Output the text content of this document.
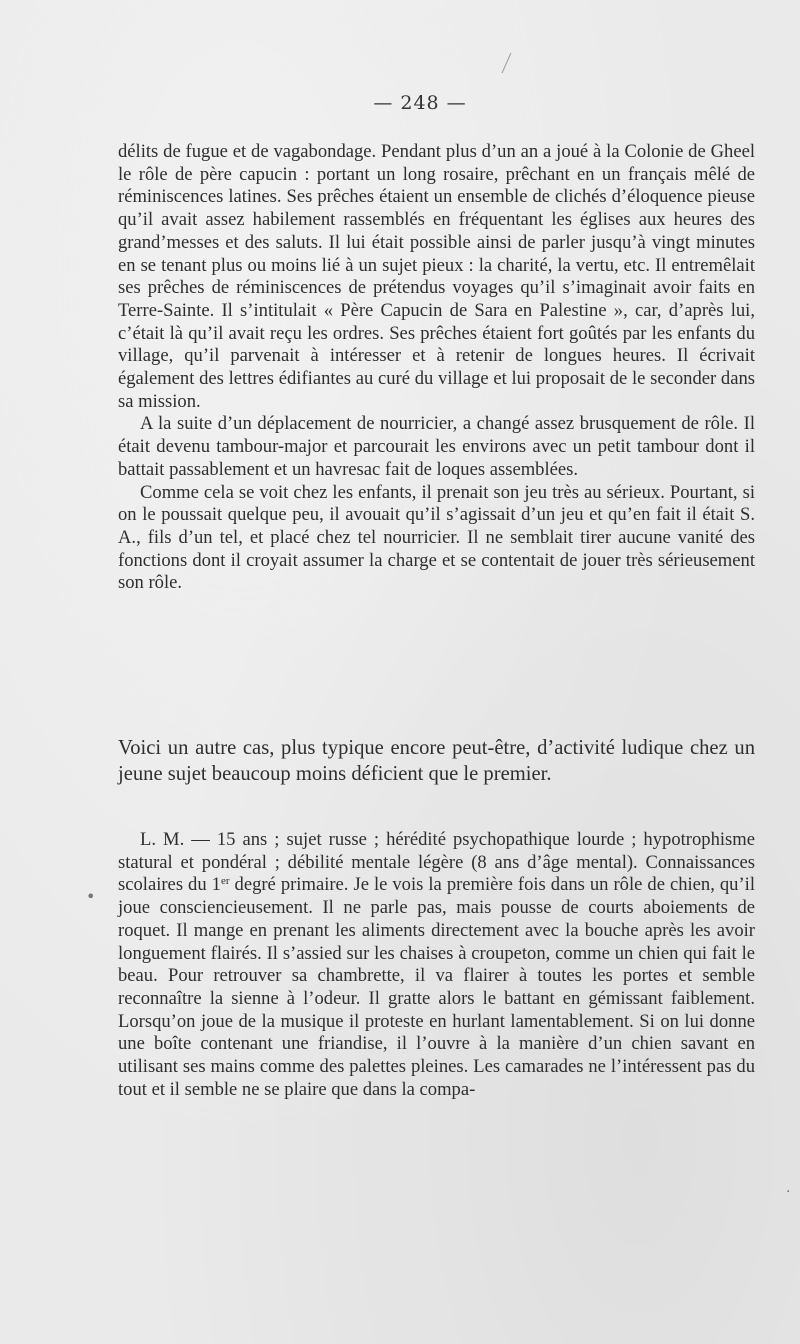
— 248 —

délits de fugue et de vagabondage. Pendant plus d’un an a joué à la Colonie de Gheel le rôle de père capucin : portant un long rosaire, prêchant en un français mêlé de réminiscences latines. Ses prêches étaient un ensemble de clichés d’éloquence pieuse qu’il avait assez habilement rassemblés en fréquentant les églises aux heures des grand’messes et des saluts. Il lui était possible ainsi de parler jusqu’à vingt minutes en se tenant plus ou moins lié à un sujet pieux : la charité, la vertu, etc. Il entremêlait ses prêches de réminiscences de prétendus voyages qu’il s’imaginait avoir faits en Terre-Sainte. Il s’intitulait « Père Capucin de Sara en Palestine », car, d’après lui, c’était là qu’il avait reçu les ordres. Ses prêches étaient fort goûtés par les enfants du village, qu’il parvenait à intéresser et à retenir de longues heures. Il écrivait également des lettres édifiantes au curé du village et lui proposait de le seconder dans sa mission.

A la suite d’un déplacement de nourricier, a changé assez brusquement de rôle. Il était devenu tambour-major et parcourait les environs avec un petit tambour dont il battait passablement et un havresac fait de loques assemblées.

Comme cela se voit chez les enfants, il prenait son jeu très au sérieux. Pourtant, si on le poussait quelque peu, il avouait qu’il s’agissait d’un jeu et qu’en fait il était S. A., fils d’un tel, et placé chez tel nourricier. Il ne semblait tirer aucune vanité des fonctions dont il croyait assumer la charge et se contentait de jouer très sérieusement son rôle.

Voici un autre cas, plus typique encore peut-être, d’activité ludique chez un jeune sujet beaucoup moins déficient que le premier.

L. M. — 15 ans ; sujet russe ; hérédité psychopathique lourde ; hypotrophisme statural et pondéral ; débilité mentale légère (8 ans d’âge mental). Connaissances scolaires du 1er degré primaire. Je le vois la première fois dans un rôle de chien, qu’il joue consciencieusement. Il ne parle pas, mais pousse de courts aboiements de roquet. Il mange en prenant les aliments directement avec la bouche après les avoir longuement flairés. Il s’assied sur les chaises à croupeton, comme un chien qui fait le beau. Pour retrouver sa chambrette, il va flairer à toutes les portes et semble reconnaître la sienne à l’odeur. Il gratte alors le battant en gémissant faiblement. Lorsqu’on joue de la musique il proteste en hurlant lamentablement. Si on lui donne une boîte contenant une friandise, il l’ouvre à la manière d’un chien savant en utilisant ses mains comme des palettes pleines. Les camarades ne l’intéressent pas du tout et il semble ne se plaire que dans la compa-

•
·
